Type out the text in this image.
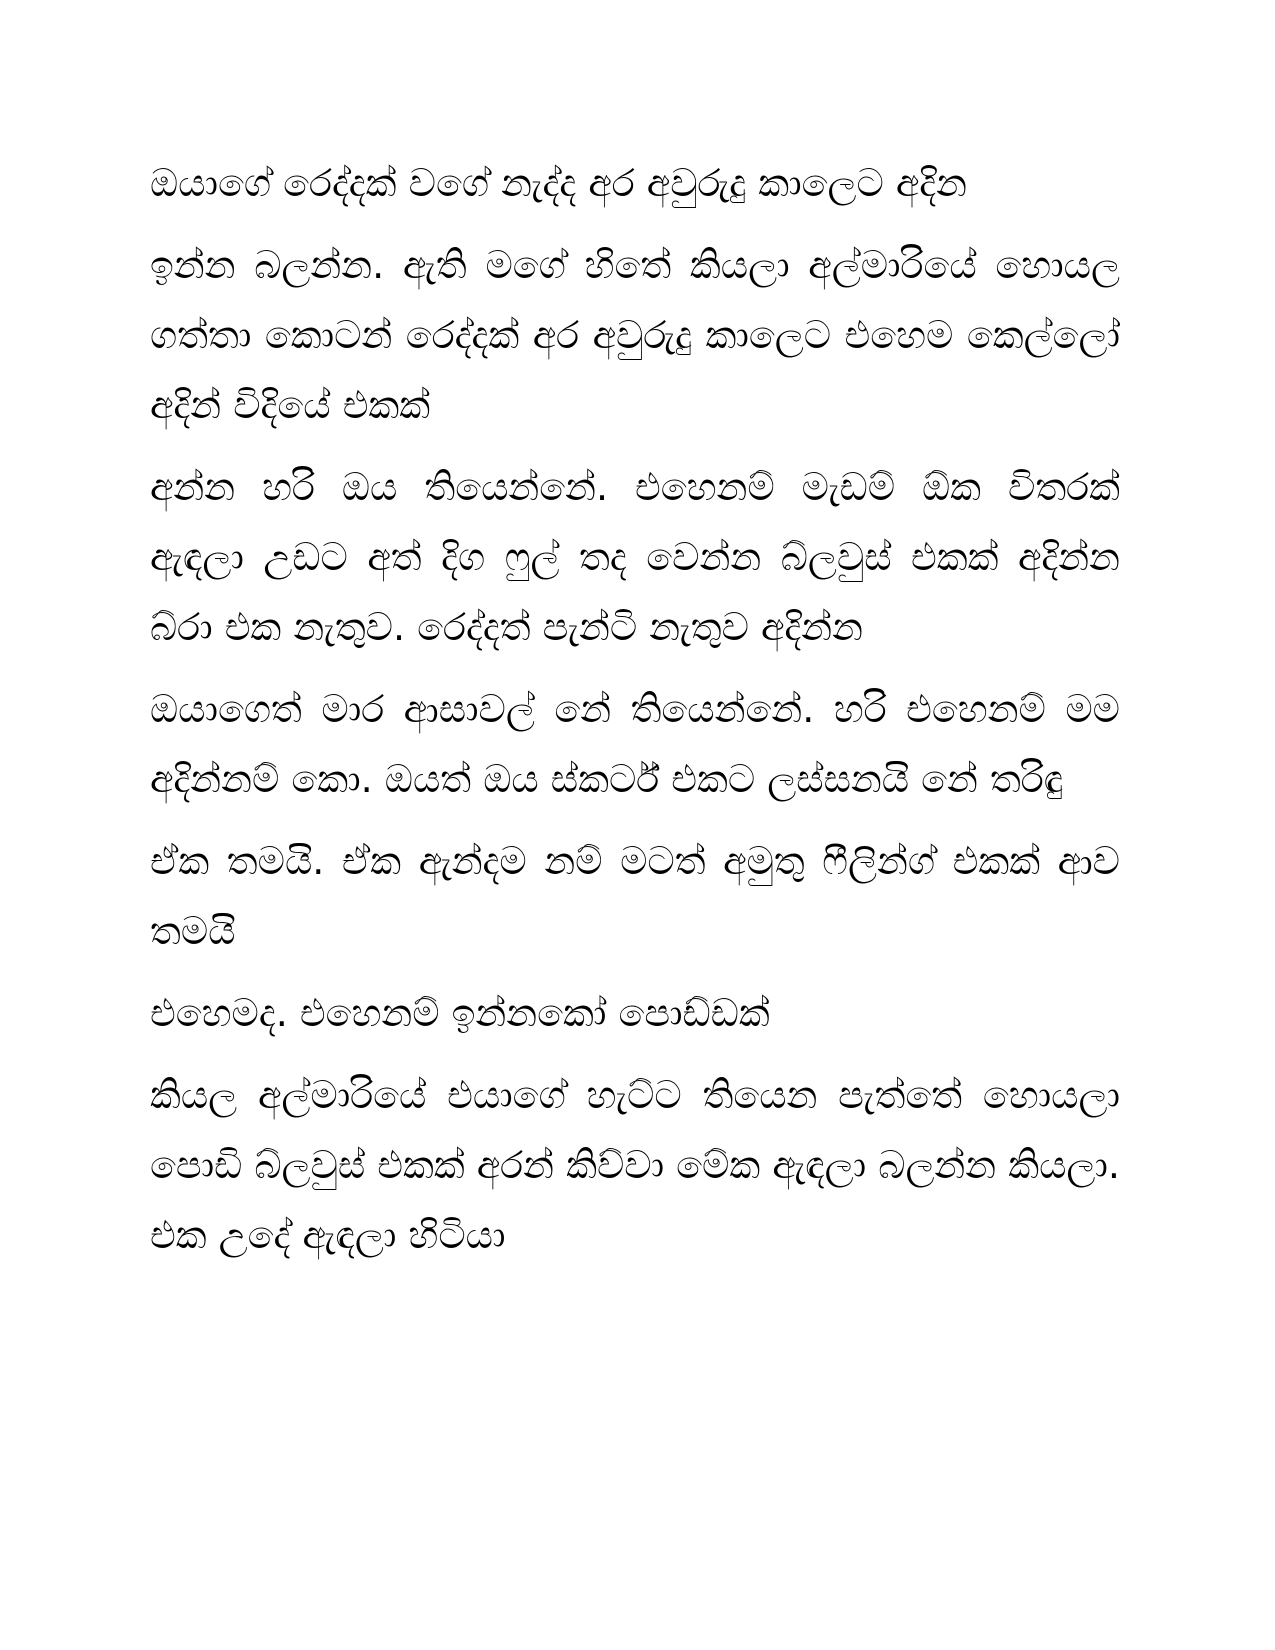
ඔයාගේ රෙද්දක් වගේ නැද්ද අර අවුරුදු කාලෙට අදින

ඉන්න බලන්න. ඇති මගේ හිතේ කියලා අල්මාරියේ හොයල ගත්තා කොටන් රෙද්දක් අර අවුරුදු කාලෙට එහෙම කෙල්ලෝ අදින් විදියේ එකක්

අන්න හරි ඔය තියෙන්නේ. එහෙනම් මැඩම් ඕක විතරක් ඇඳලා උඩට අත් දිග ෆුල් තද වෙන්න බ්ලවුස් එකක් අදින්න බ්රා එක නැතුව. රෙද්දත් පැන්ටි නැතුව අදින්න

ඔයාගෙත් මාර ආසාවල් නේ තියෙන්නේ. හරි එහෙනම් මම අදින්නම් කො. ඔයත් ඔය ස්කර්ට් එකට ලස්සනයි නේ තරිඳු

ඒක තමයි. ඒක ඇන්දම නම් මටත් අමුතු ෆීලින්ග් එකක් ආව තමයි

එහෙමද. එහෙනම් ඉන්නකෝ පොඩ්ඩක්

කියල අල්මාරියේ එයාගේ හැට්ට තියෙන පැත්තේ හොයලා පොඩි බ්ලවුස් එකක් අරන් කිව්වා මේක ඇඳලා බලන්න කියලා. එක උදේ ඇඳලා හිටියා
